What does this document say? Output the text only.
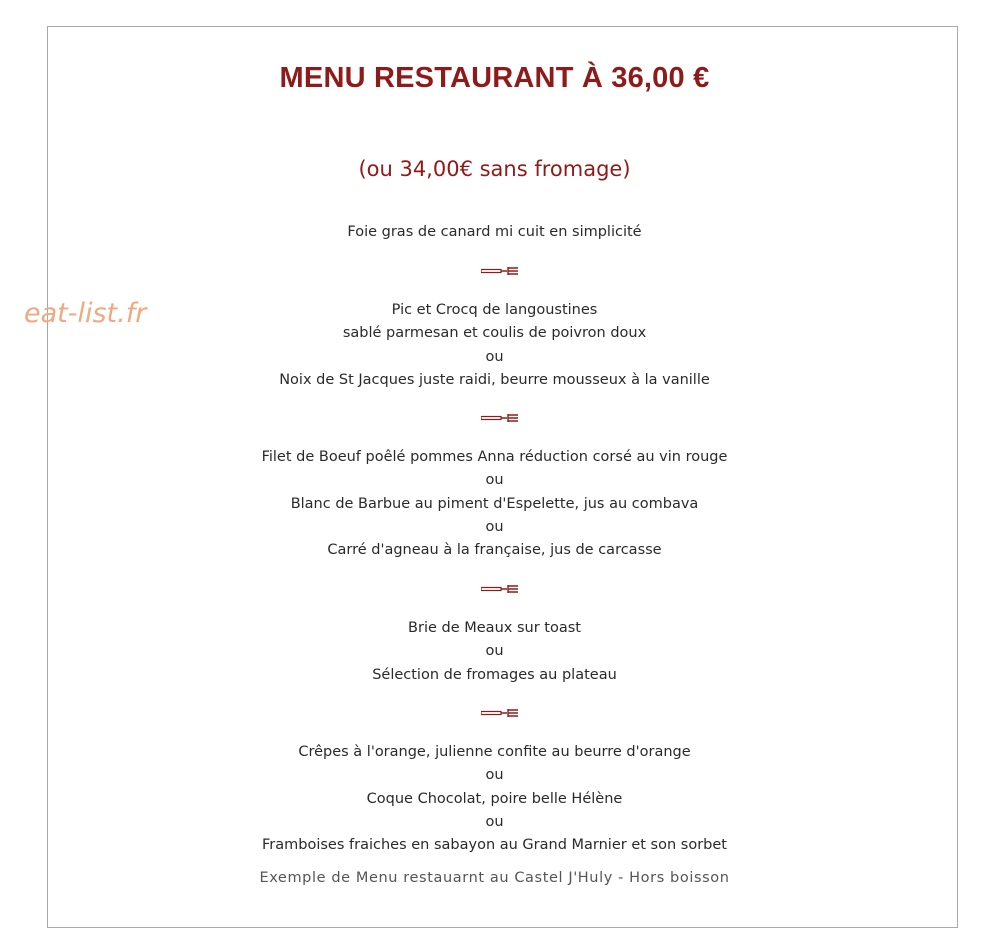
eat-list.fr
MENU RESTAURANT À 36,00 €
(ou 34,00€ sans fromage)
Foie gras de canard mi cuit en simplicité
Pic et Crocq de langoustines
sablé parmesan et coulis de poivron doux
ou
Noix de St Jacques juste raidi, beurre mousseux à la vanille
Filet de Boeuf poêlé pommes Anna réduction corsé au vin rouge
ou
Blanc de Barbue au piment d'Espelette, jus au combava
ou
Carré d'agneau à la française, jus de carcasse
Brie de Meaux sur toast
ou
Sélection de fromages au plateau
Crêpes à l'orange, julienne confite au beurre d'orange
ou
Coque Chocolat, poire belle Hélène
ou
Framboises fraiches en sabayon au Grand Marnier et son sorbet
Exemple de Menu restauarnt au Castel J'Huly - Hors boisson
